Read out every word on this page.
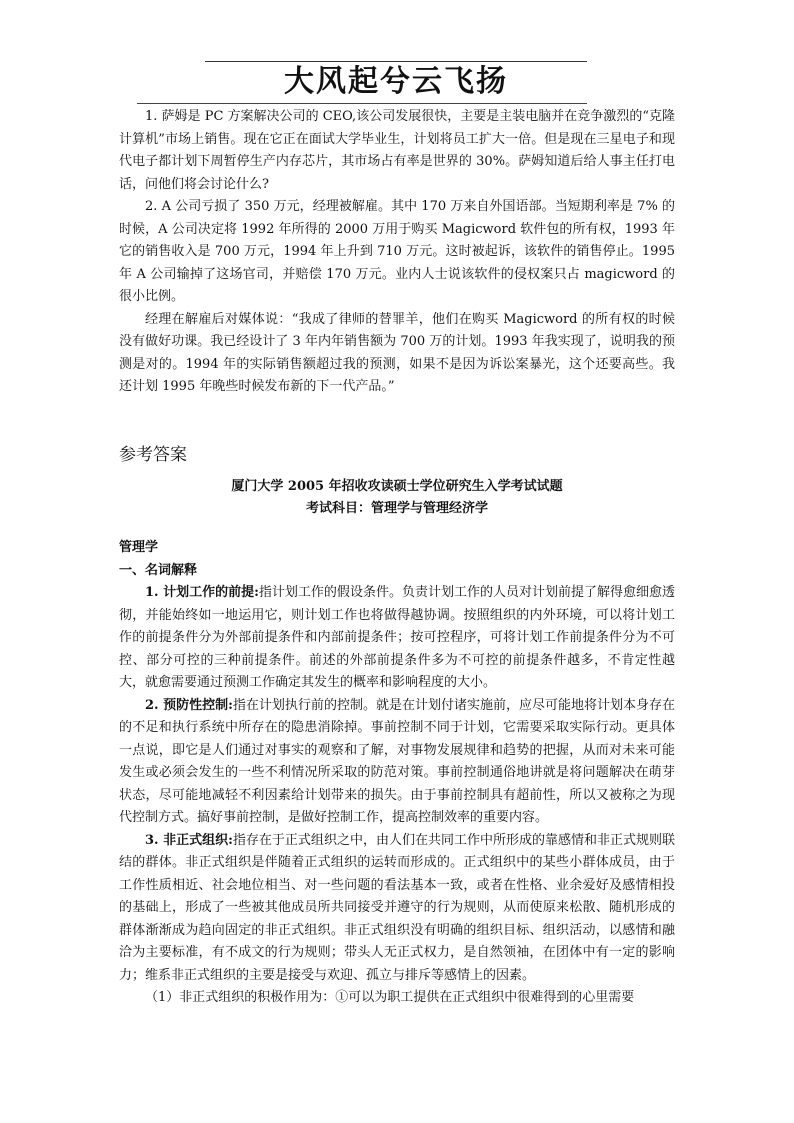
大风起兮云飞扬

1. 萨姆是 PC 方案解决公司的 CEO,该公司发展很快，主要是主装电脑并在竞争激烈的“克隆计算机”市场上销售。现在它正在面试大学毕业生，计划将员工扩大一倍。但是现在三星电子和现代电子都计划下周暂停生产内存芯片，其市场占有率是世界的 30%。萨姆知道后给人事主任打电话，问他们将会讨论什么?

2. A 公司亏损了 350 万元，经理被解雇。其中 170 万来自外国语部。当短期利率是 7% 的时候，A 公司决定将 1992 年所得的 2000 万用于购买 Magicword 软件包的所有权，1993 年它的销售收入是 700 万元，1994 年上升到 710 万元。这时被起诉，该软件的销售停止。1995 年 A 公司输掉了这场官司，并赔偿 170 万元。业内人士说该软件的侵权案只占 magicword 的很小比例。

经理在解雇后对媒体说：“我成了律师的替罪羊，他们在购买 Magicword 的所有权的时候没有做好功课。我已经设计了 3 年内年销售额为 700 万的计划。1993 年我实现了，说明我的预测是对的。1994 年的实际销售额超过我的预测，如果不是因为诉讼案暴光，这个还要高些。我还计划 1995 年晚些时候发布新的下一代产品。”

参考答案
厦门大学 2005 年招收攻读硕士学位研究生入学考试试题
考试科目：管理学与管理经济学

管理学

一、名词解释

1. 计划工作的前提:指计划工作的假设条件。负责计划工作的人员对计划前提了解得愈细愈透彻，并能始终如一地运用它，则计划工作也将做得越协调。按照组织的内外环境，可以将计划工作的前提条件分为外部前提条件和内部前提条件；按可控程序，可将计划工作前提条件分为不可控、部分可控的三种前提条件。前述的外部前提条件多为不可控的前提条件越多，不肯定性越大，就愈需要通过预测工作确定其发生的概率和影响程度的大小。

2. 预防性控制:指在计划执行前的控制。就是在计划付诸实施前，应尽可能地将计划本身存在的不足和执行系统中所存在的隐患消除掉。事前控制不同于计划，它需要采取实际行动。更具体一点说，即它是人们通过对事实的观察和了解，对事物发展规律和趋势的把握，从而对未来可能发生或必须会发生的一些不利情况所采取的防范对策。事前控制通俗地讲就是将问题解决在萌芽状态，尽可能地减轻不利因素给计划带来的损失。由于事前控制具有超前性，所以又被称之为现代控制方式。搞好事前控制，是做好控制工作，提高控制效率的重要内容。

3. 非正式组织:指存在于正式组织之中，由人们在共同工作中所形成的靠感情和非正式规则联结的群体。非正式组织是伴随着正式组织的运转而形成的。正式组织中的某些小群体成员，由于工作性质相近、社会地位相当、对一些问题的看法基本一致，或者在性格、业余爱好及感情相投的基础上，形成了一些被其他成员所共同接受并遵守的行为规则，从而使原来松散、随机形成的群体渐渐成为趋向固定的非正式组织。非正式组织没有明确的组织目标、组织活动，以感情和融洽为主要标准，有不成文的行为规则；带头人无正式权力，是自然领袖，在团体中有一定的影响力；维系非正式组织的主要是接受与欢迎、孤立与排斥等感情上的因素。

（1）非正式组织的积极作用为：①可以为职工提供在正式组织中很难得到的心里需要
